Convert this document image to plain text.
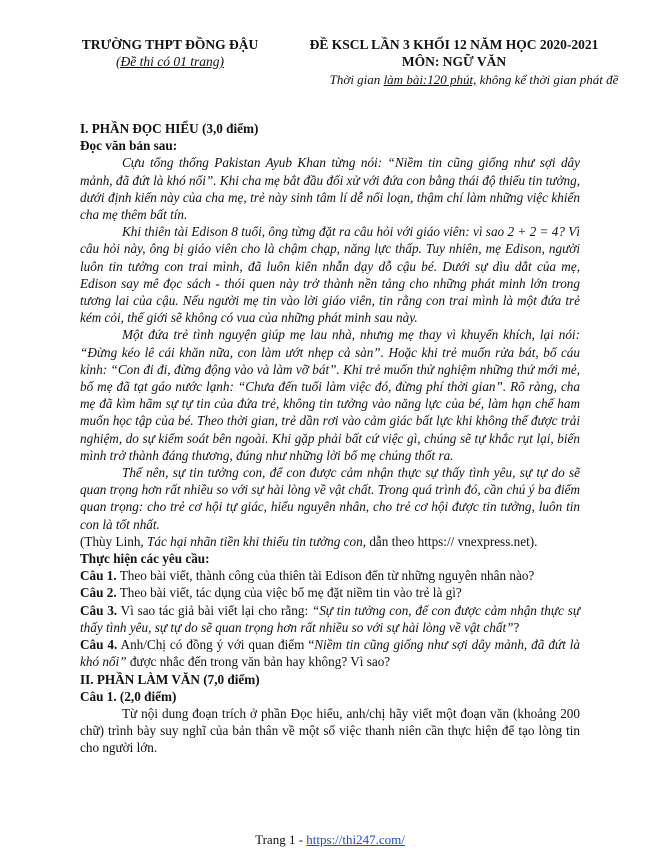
TRƯỜNG THPT ĐỒNG ĐẬU
(Đề thi có 01 trang)
ĐỀ KSCL LẦN 3 KHỐI 12 NĂM HỌC 2020-2021
MÔN: NGỮ VĂN
Thời gian làm bài:120 phút, không kể thời gian phát đề

I. PHẦN ĐỌC HIỂU (3,0 điểm)

Đọc văn bản sau:

Cựu tổng thống Pakistan Ayub Khan từng nói: “Niềm tin cũng giống như sợi dây mảnh, đã đứt là khó nối”. Khi cha mẹ bắt đầu đối xử với đứa con bằng thái độ thiếu tin tưởng, dưới định kiến này của cha mẹ, trẻ này sinh tâm lí dễ nổi loạn, thậm chí làm những việc khiến cha mẹ thêm bất tín.

Khi thiên tài Edison 8 tuổi, ông từng đặt ra câu hỏi với giáo viên: vì sao 2 + 2 = 4? Vì câu hỏi này, ông bị giáo viên cho là chậm chạp, năng lực thấp. Tuy nhiên, mẹ Edison, người luôn tin tưởng con trai mình, đã luôn kiên nhẫn dạy dỗ cậu bé. Dưới sự dìu dắt của mẹ, Edison say mê đọc sách - thói quen này trở thành nền tảng cho những phát minh lớn trong tương lai của cậu. Nếu người mẹ tin vào lời giáo viên, tin rằng con trai mình là một đứa trẻ kém cỏi, thế giới sẽ không có vua của những phát minh sau này.

Một đứa trẻ tình nguyện giúp mẹ lau nhà, nhưng mẹ thay vì khuyến khích, lại nói: “Đừng kéo lê cái khăn nữa, con làm ướt nhẹp cả sàn”. Hoặc khi trẻ muốn rửa bát, bố cáu kỉnh: “Con đi đi, đừng động vào và làm vỡ bát”. Khi trẻ muốn thử nghiệm những thứ mới mẻ, bố mẹ đã tạt gáo nước lạnh: “Chưa đến tuổi làm việc đó, đừng phí thời gian”. Rõ ràng, cha mẹ đã kìm hãm sự tự tin của đứa trẻ, không tin tưởng vào năng lực của bé, làm hạn chế ham muốn học tập của bé. Theo thời gian, trẻ dần rơi vào cảm giác bất lực khi không thể được trải nghiệm, do sự kiểm soát bên ngoài. Khi gặp phải bất cứ việc gì, chúng sẽ tự khắc rụt lại, biến mình trở thành đáng thương, đúng như những lời bố mẹ chúng thốt ra.

Thế nên, sự tin tưởng con, để con được cảm nhận thực sự thấy tình yêu, sự tự do sẽ quan trọng hơn rất nhiều so với sự hài lòng về vật chất. Trong quá trình đó, cần chú ý ba điểm quan trọng: cho trẻ cơ hội tự giác, hiểu nguyên nhân, cho trẻ cơ hội được tin tưởng, luôn tin con là tốt nhất.

(Thùy Linh, Tác hại nhãn tiền khi thiếu tin tưởng con, dẫn theo https:// vnexpress.net).

Thực hiện các yêu cầu:

Câu 1. Theo bài viết, thành công của thiên tài Edison đến từ những nguyên nhân nào?

Câu 2. Theo bài viết, tác dụng của việc bố mẹ đặt niềm tin vào trẻ là gì?

Câu 3. Vì sao tác giả bài viết lại cho rằng: “Sự tin tưởng con, để con được cảm nhận thực sự thấy tình yêu, sự tự do sẽ quan trọng hơn rất nhiều so với sự hài lòng về vật chất”?

Câu 4. Anh/Chị có đồng ý với quan điểm “Niềm tin cũng giống như sợi dây mảnh, đã đứt là khó nối” được nhắc đến trong văn bản hay không? Vì sao?

II. PHẦN LÀM VĂN (7,0 điểm)

Câu 1. (2,0 điểm)

Từ nội dung đoạn trích ở phần Đọc hiểu, anh/chị hãy viết một đoạn văn (khoảng 200 chữ) trình bày suy nghĩ của bản thân về một số việc thanh niên cần thực hiện để tạo lòng tin cho người lớn.

Trang 1 - https://thi247.com/
